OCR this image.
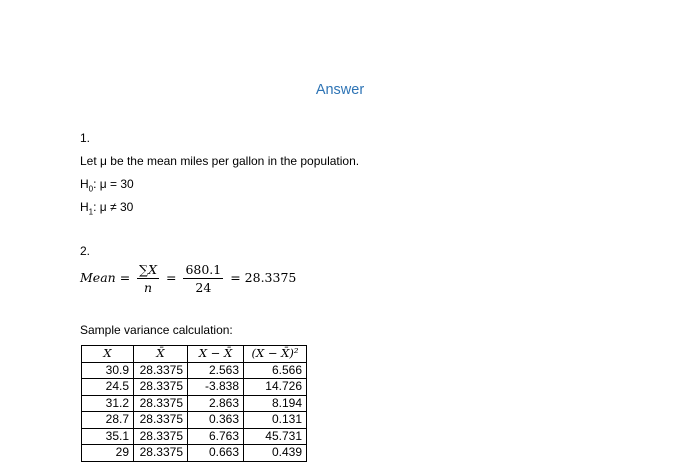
Answer
1.
Let μ be the mean miles per gallon in the population.
$H_0$: μ = 30
$H_1$: μ ≠ 30
2.
Mean = $\frac{\sum X}{n} = \frac{680.1}{24} = 28.3375$
Sample variance calculation:
X	X̄	X − X̄	(X − X̄)²
30.9	28.3375	2.563	6.566
24.5	28.3375	-3.838	14.726
31.2	28.3375	2.863	8.194
28.7	28.3375	0.363	0.131
35.1	28.3375	6.763	45.731
29	28.3375	0.663	0.439
